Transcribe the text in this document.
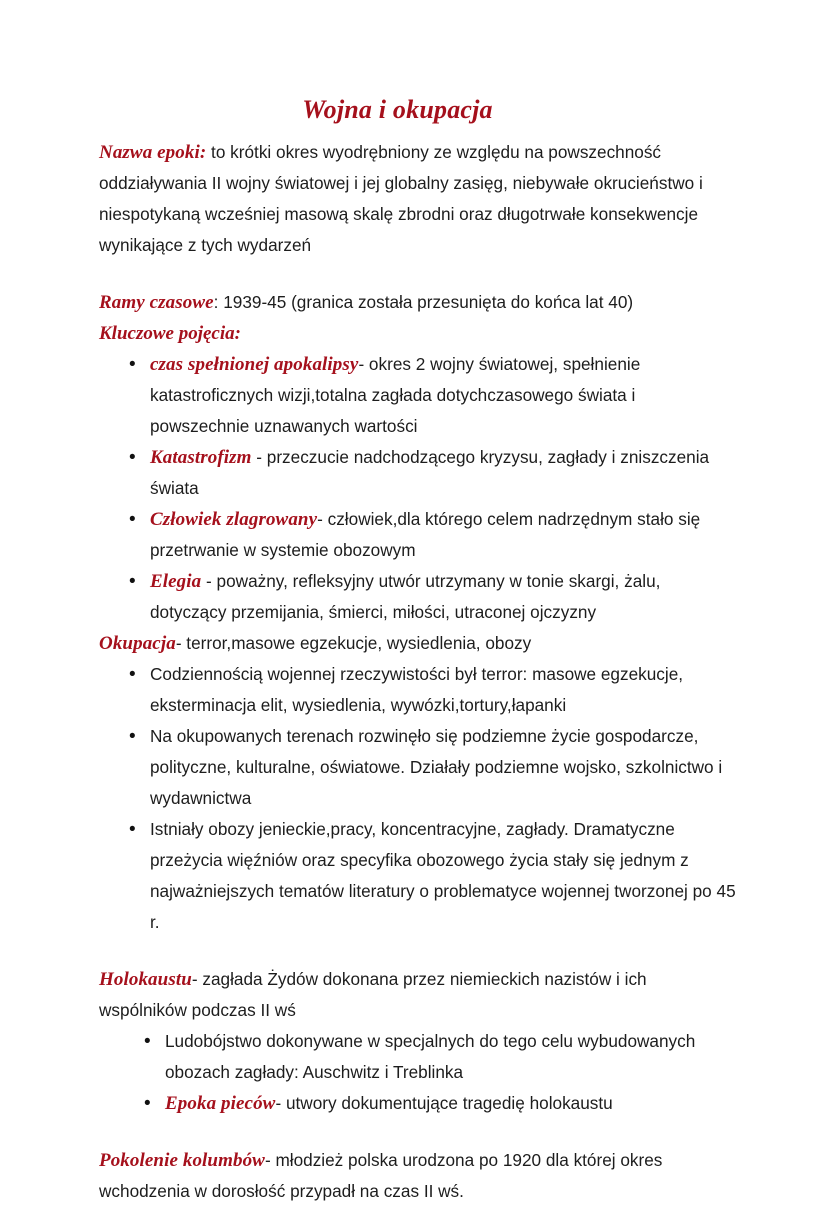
Wojna i okupacja

Nazwa epoki: to krótki okres wyodrębniony ze względu na powszechność oddziaływania II wojny światowej i jej globalny zasięg, niebywałe okrucieństwo i niespotykaną wcześniej masową skalę zbrodni oraz długotrwałe konsekwencje wynikające z tych wydarzeń

Ramy czasowe: 1939-45 (granica została przesunięta do końca lat 40)

Kluczowe pojęcia:

• czas spełnionej apokalipsy- okres 2 wojny światowej, spełnienie katastroficznych wizji,totalna zagłada dotychczasowego świata i powszechnie uznawanych wartości
• Katastrofizm - przeczucie nadchodzącego kryzysu, zagłady i zniszczenia świata
• Człowiek zlagrowany- człowiek,dla którego celem nadrzędnym stało się przetrwanie w systemie obozowym
• Elegia - poważny, refleksyjny utwór utrzymany w tonie skargi, żalu, dotyczący przemijania, śmierci, miłości, utraconej ojczyzny

Okupacja- terror,masowe egzekucje, wysiedlenia, obozy

• Codziennością wojennej rzeczywistości był terror: masowe egzekucje, eksterminacja elit, wysiedlenia, wywózki,tortury,łapanki
• Na okupowanych terenach rozwinęło się podziemne życie gospodarcze, polityczne, kulturalne, oświatowe. Działały podziemne wojsko, szkolnictwo i wydawnictwa
• Istniały obozy jenieckie,pracy, koncentracyjne, zagłady. Dramatyczne przeżycia więźniów oraz specyfika obozowego życia stały się jednym z najważniejszych tematów literatury o problematyce wojennej tworzonej po 45 r.

Holokaustu- zagłada Żydów dokonana przez niemieckich nazistów i ich wspólników podczas II wś

• Ludobójstwo dokonywane w specjalnych do tego celu wybudowanych obozach zagłady: Auschwitz i Treblinka
• Epoka pieców- utwory dokumentujące tragedię holokaustu

Pokolenie kolumbów- młodzież polska urodzona po 1920 dla której okres wchodzenia w dorosłość przypadł na czas II wś.
